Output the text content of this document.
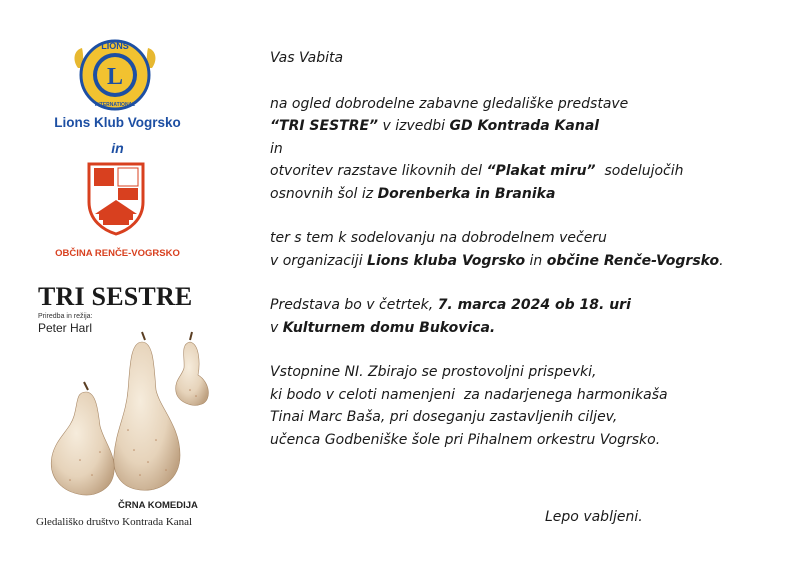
L
LIONS
INTERNATIONAL
Lions Klub Vogrsko
in
OBČINA RENČE-VOGRSKO
TRI SESTRE
Priredba in režija:
Peter Harl
ČRNA KOMEDIJA
Gledališko društvo Kontrada Kanal

Vas Vabita

na ogled dobrodelne zabavne gledališke predstave

“TRI SESTRE” v izvedbi GD Kontrada Kanal

in

otvoritev razstave likovnih del “Plakat miru”  sodelujočih

osnovnih šol iz Dorenberka in Branika

ter s tem k sodelovanju na dobrodelnem večeru

v organizaciji Lions kluba Vogrsko in občine Renče-Vogrsko.

Predstava bo v četrtek, 7. marca 2024 ob 18. uri

v Kulturnem domu Bukovica.

Vstopnine NI. Zbirajo se prostovoljni prispevki,

ki bodo v celoti namenjeni  za nadarjenega harmonikaša

Tinai Marc Baša, pri doseganju zastavljenih ciljev,

učenca Godbeniške šole pri Pihalnem orkestru Vogrsko.

Lepo vabljeni.
